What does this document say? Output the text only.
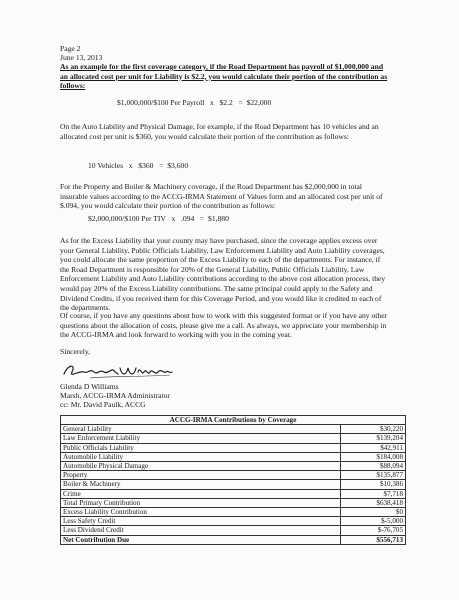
Page 2
June 13, 2013
As an example for the first coverage category, if the Road Department has payroll of $1,000,000 and
an allocated cost per unit for Liability is $2.2, you would calculate their portion of the contribution as
follows:
$1,000,000/$100 Per Payroll   x   $2.2   =  $22,000
On the Auto Liability and Physical Damage, for example, if the Road Department has 10 vehicles and an
allocated cost per unit is $360, you would calculate their portion of the contribution as follows:
10 Vehicles   x   $360   =  $3,600
For the Property and Boiler & Machinery coverage, if the Road Department has $2,000,000 in total
insurable values according to the ACCG-IRMA Statement of Values form and an allocated cost per unit of
$.094, you would calculate their portion of the contribution as follows:
$2,000,000/$100 Per TIV   x   .094   =  $1,880
As for the Excess Liability that your county may have purchased, since the coverage applies excess over
your General Liability, Public Officials Liability, Law Enforcement Liability and Auto Liability coverages,
you could allocate the same proportion of the Excess Liability to each of the departments. For instance, if
the Road Department is responsible for 20% of the General Liability, Public Officials Liability, Law
Enforcement Liability and Auto Liability contributions according to the above cost allocation process, they
would pay 20% of the Excess Liability contributions. The same principal could apply to the Safety and
Dividend Credits, if you received them for this Coverage Period, and you would like it credited to each of
the departments.
Of course, if you have any questions about how to work with this suggested format or if you have any other
questions about the allocation of costs, please give me a call. As always, we appreciate your membership in
the ACCG-IRMA and look forward to working with you in the coming year.
Sincerely,
Glenda D Williams
Marsh, ACCG-IRMA Administrator
cc: Mr. David Paulk, ACCG
ACCG-IRMA Contributions by Coverage	
General Liability	$30,220
Law Enforcement Liability	$139,204
Public Officials Liability	$42,911
Automobile Liability	$184,008
Automobile Physical Damage	$88,094
Property	$135,877
Boiler & Machinery	$10,386
Crime	$7,718
Total Primary Contribution	$638,418
Excess Liability Contribution	$0
Less Safety Credit	$-5,000
Less Dividend Credit	$-76,705
Net Contribution Due	$556,713
